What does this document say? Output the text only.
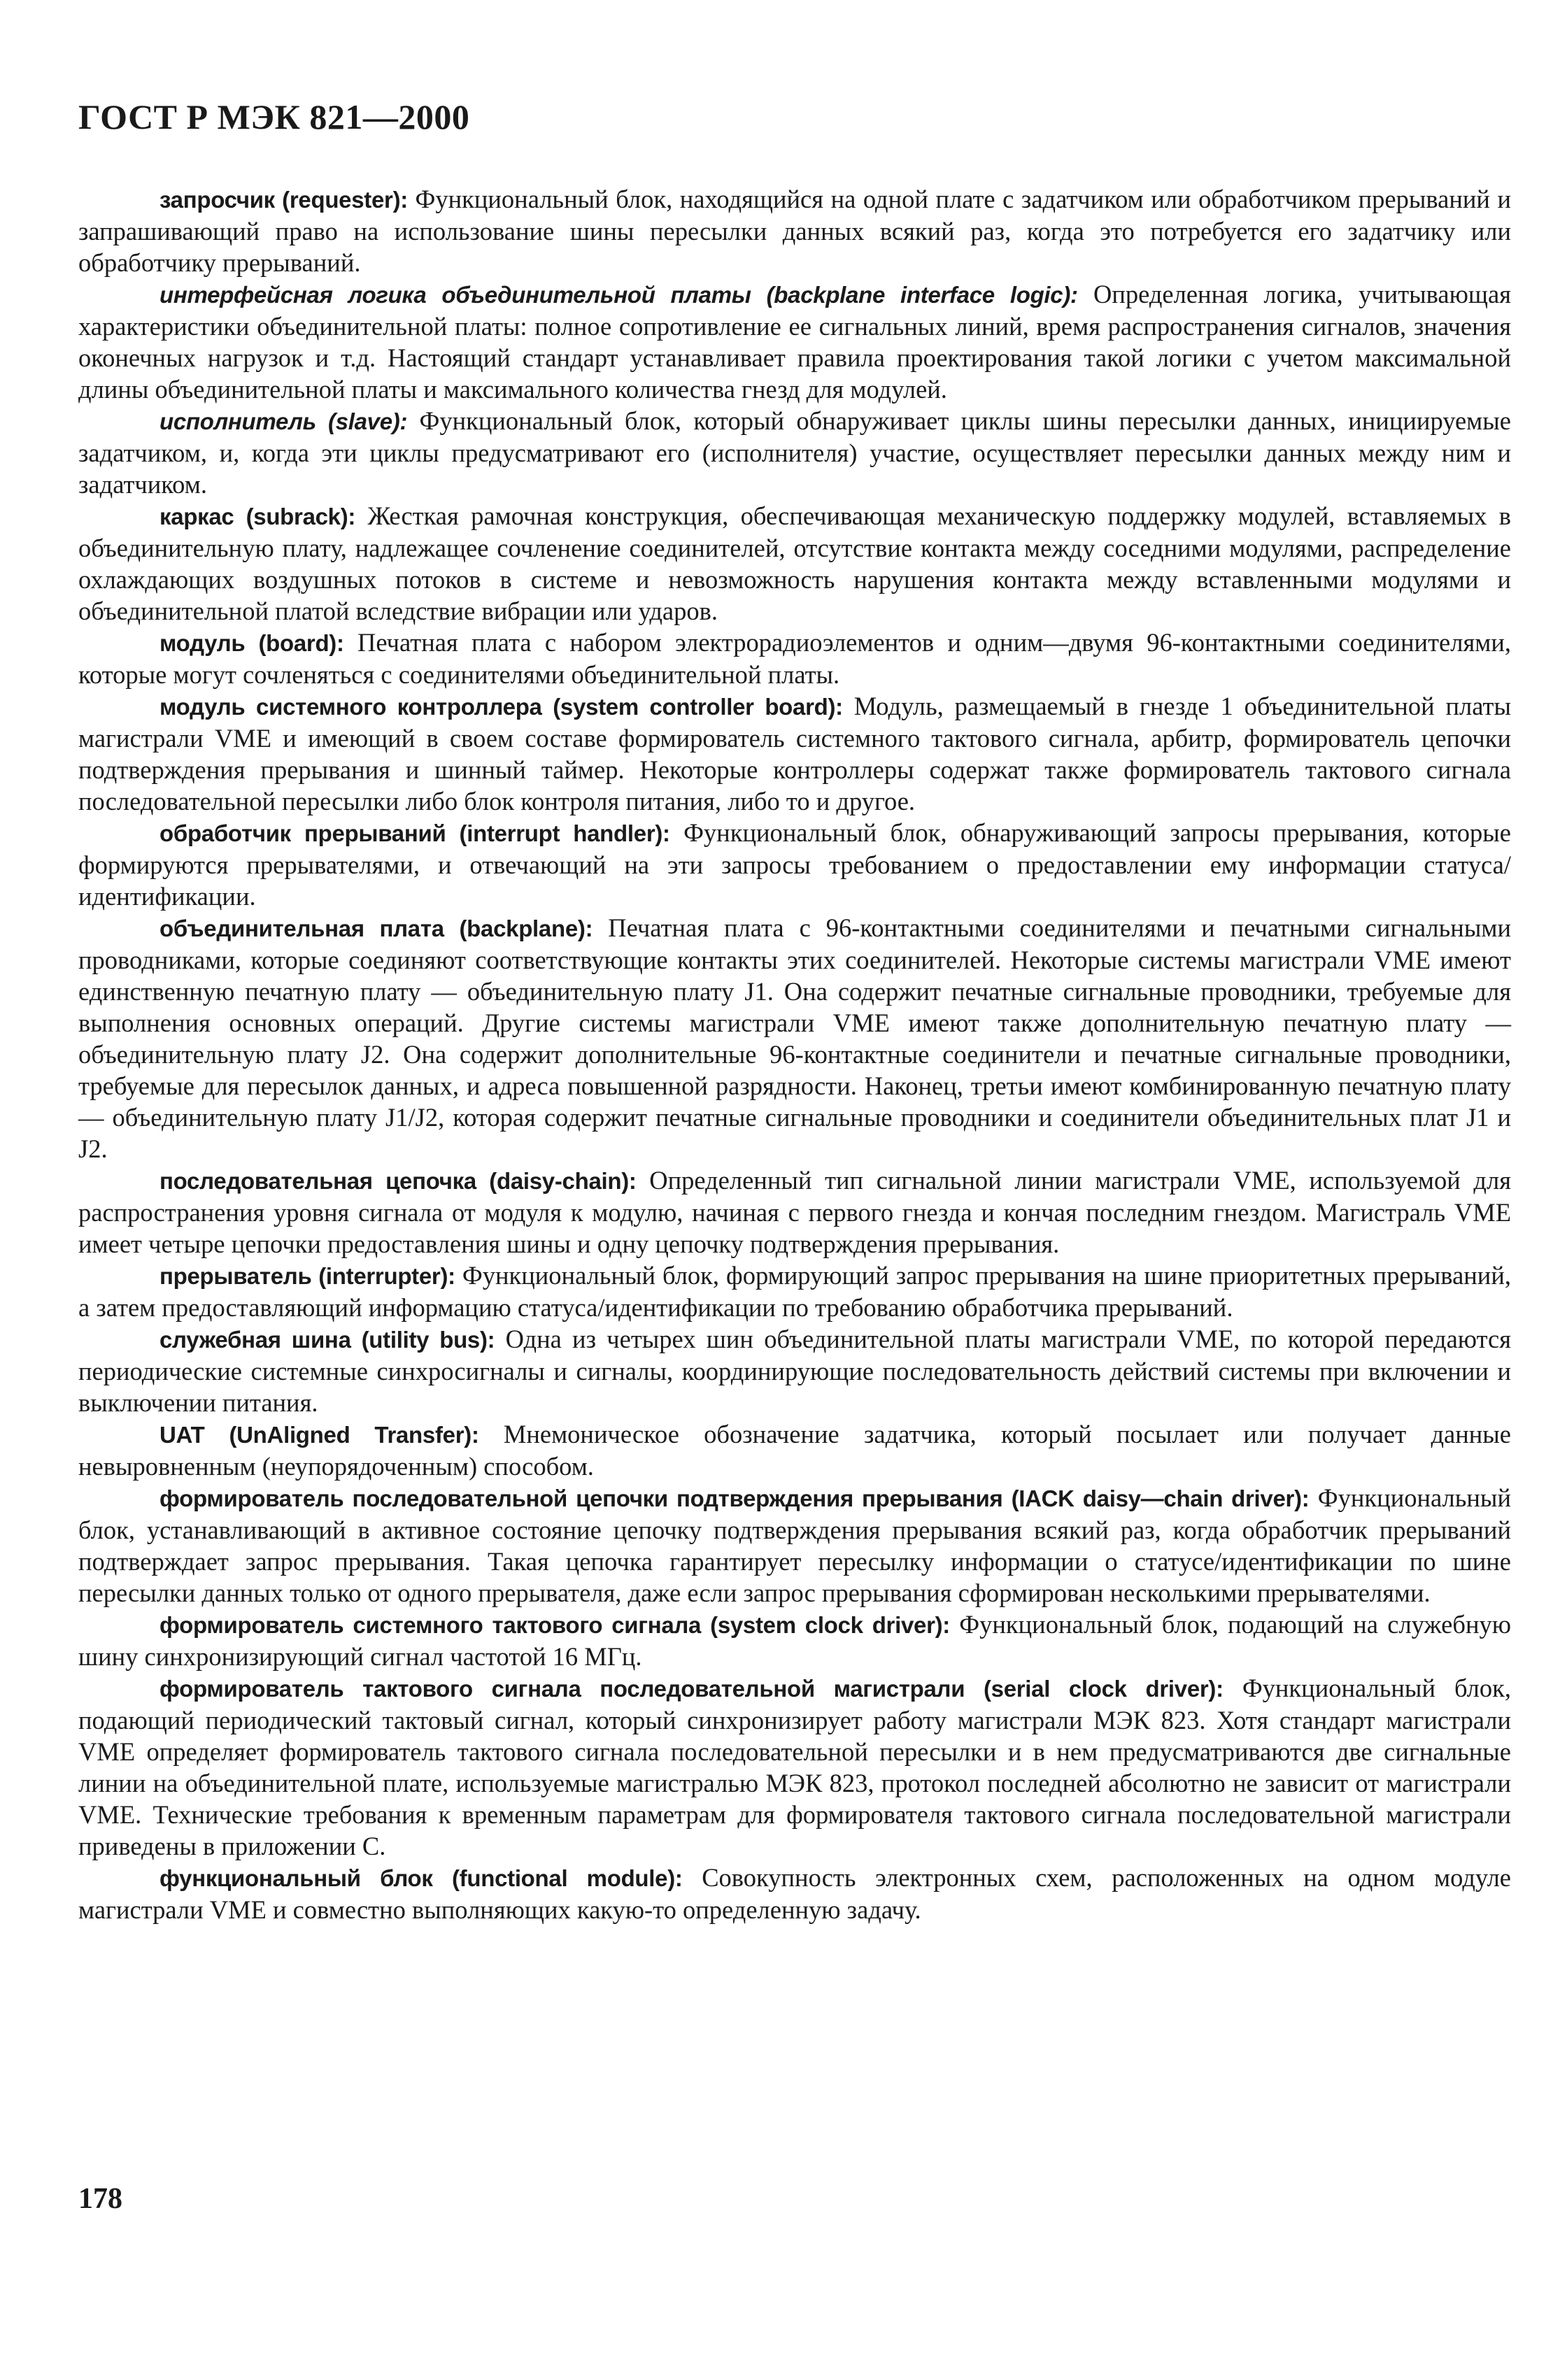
ГОСТ Р МЭК 821—2000

запросчик (requester): Функциональный блок, находящийся на одной плате с задатчиком или обработчиком прерываний и запрашивающий право на использование шины пересылки данных всякий раз, когда это потребуется его задатчику или обработчику прерываний.

интерфейсная логика объединительной платы (backplane interface logic): Определенная логика, учитывающая характеристики объединительной платы: полное сопротивление ее сигнальных линий, время распространения сигналов, значения оконечных нагрузок и т.д. Настоящий стандарт устанавливает правила проектирования такой логики с учетом максимальной длины объединительной платы и максимального количества гнезд для модулей.

исполнитель (slave): Функциональный блок, который обнаруживает циклы шины пересылки данных, инициируемые задатчиком, и, когда эти циклы предусматривают его (исполнителя) участие, осуществляет пересылки данных между ним и задатчиком.

каркас (subrack): Жесткая рамочная конструкция, обеспечивающая механическую поддержку модулей, вставляемых в объединительную плату, надлежащее сочленение соединителей, отсутствие контакта между соседними модулями, распределение охлаждающих воздушных потоков в системе и невозможность нарушения контакта между вставленными модулями и объединительной платой вследствие вибрации или ударов.

модуль (board): Печатная плата с набором электрорадиоэлементов и одним—двумя 96-контактными соединителями, которые могут сочленяться с соединителями объединительной платы.

модуль системного контроллера (system controller board): Модуль, размещаемый в гнезде 1 объединительной платы магистрали VME и имеющий в своем составе формирователь системного тактового сигнала, арбитр, формирователь цепочки подтверждения прерывания и шинный таймер. Некоторые контроллеры содержат также формирователь тактового сигнала последовательной пересылки либо блок контроля питания, либо то и другое.

обработчик прерываний (interrupt handler): Функциональный блок, обнаруживающий запросы прерывания, которые формируются прерывателями, и отвечающий на эти запросы требованием о предоставлении ему информации статуса/идентификации.

объединительная плата (backplane): Печатная плата с 96-контактными соединителями и печатными сигнальными проводниками, которые соединяют соответствующие контакты этих соединителей. Некоторые системы магистрали VME имеют единственную печатную плату — объединительную плату J1. Она содержит печатные сигнальные проводники, требуемые для выполнения основных операций. Другие системы магистрали VME имеют также дополнительную печатную плату — объединительную плату J2. Она содержит дополнительные 96-контактные соединители и печатные сигнальные проводники, требуемые для пересылок данных, и адреса повышенной разрядности. Наконец, третьи имеют комбинированную печатную плату — объединительную плату J1/J2, которая содержит печатные сигнальные проводники и соединители объединительных плат J1 и J2.

последовательная цепочка (daisy-chain): Определенный тип сигнальной линии магистрали VME, используемой для распространения уровня сигнала от модуля к модулю, начиная с первого гнезда и кончая последним гнездом. Магистраль VME имеет четыре цепочки предоставления шины и одну цепочку подтверждения прерывания.

прерыватель (interrupter): Функциональный блок, формирующий запрос прерывания на шине приоритетных прерываний, а затем предоставляющий информацию статуса/идентификации по требованию обработчика прерываний.

служебная шина (utility bus): Одна из четырех шин объединительной платы магистрали VME, по которой передаются периодические системные синхросигналы и сигналы, координирующие последовательность действий системы при включении и выключении питания.

UAT (UnAligned Transfer): Мнемоническое обозначение задатчика, который посылает или получает данные невыровненным (неупорядоченным) способом.

формирователь последовательной цепочки подтверждения прерывания (IACK daisy—chain driver): Функциональный блок, устанавливающий в активное состояние цепочку подтверждения прерывания всякий раз, когда обработчик прерываний подтверждает запрос прерывания. Такая цепочка гарантирует пересылку информации о статусе/идентификации по шине пересылки данных только от одного прерывателя, даже если запрос прерывания сформирован несколькими прерывателями.

формирователь системного тактового сигнала (system clock driver): Функциональный блок, подающий на служебную шину синхронизирующий сигнал частотой 16 МГц.

формирователь тактового сигнала последовательной магистрали (serial clock driver): Функциональный блок, подающий периодический тактовый сигнал, который синхронизирует работу магистрали МЭК 823. Хотя стандарт магистрали VME определяет формирователь тактового сигнала последовательной пересылки и в нем предусматриваются две сигнальные линии на объединительной плате, используемые магистралью МЭК 823, протокол последней абсолютно не зависит от магистрали VME. Технические требования к временным параметрам для формирователя тактового сигнала последовательной магистрали приведены в приложении С.

функциональный блок (functional module): Совокупность электронных схем, расположенных на одном модуле магистрали VME и совместно выполняющих какую-то определенную задачу.

178
